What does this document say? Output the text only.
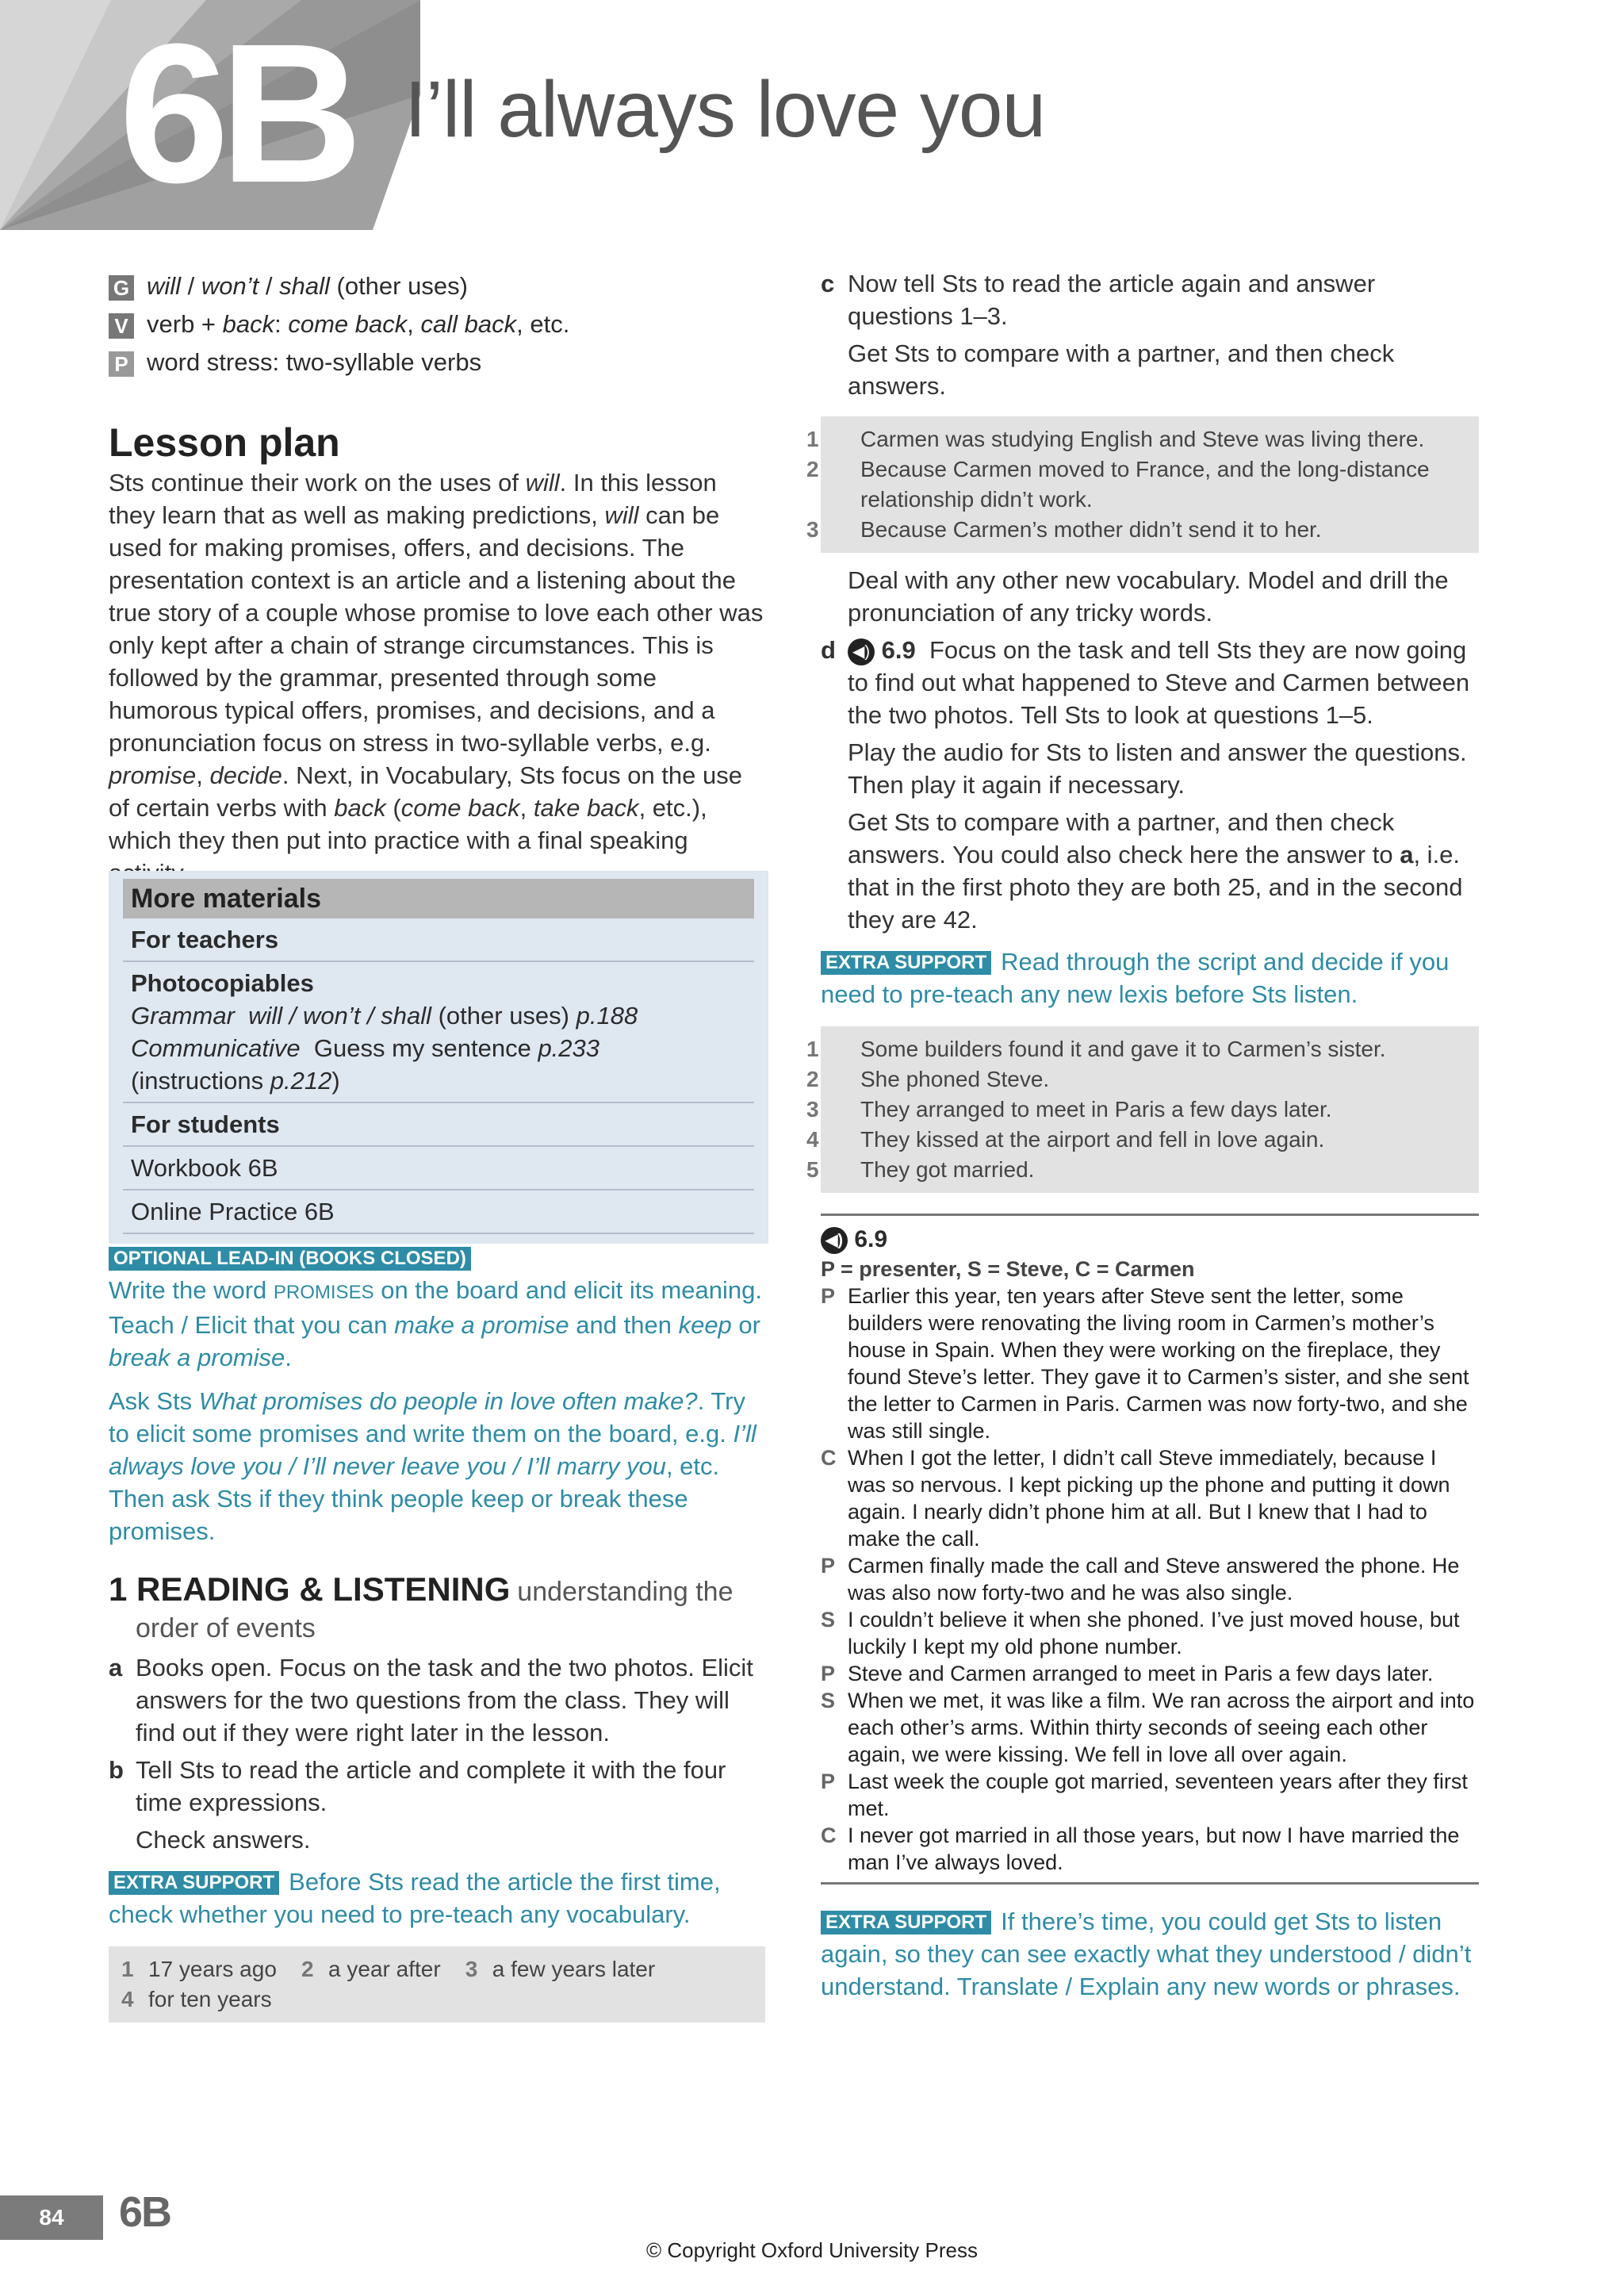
6B I’ll always love you
G will / won’t / shall (other uses)
V verb + back: come back, call back, etc.
P word stress: two-syllable verbs
Lesson plan
Sts continue their work on the uses of will. In this lesson they learn that as well as making predictions, will can be used for making promises, offers, and decisions. The presentation context is an article and a listening about the true story of a couple whose promise to love each other was only kept after a chain of strange circumstances. This is followed by the grammar, presented through some humorous typical offers, promises, and decisions, and a pronunciation focus on stress in two-syllable verbs, e.g. promise, decide. Next, in Vocabulary, Sts focus on the use of certain verbs with back (come back, take back, etc.), which they then put into practice with a final speaking
More materials
For teachers
Photocopiables
Grammar will / won’t / shall (other uses) p.188
Communicative Guess my sentence p.233
(instructions p.212)
For students
Workbook 6B
Online Practice 6B
OPTIONAL LEAD-IN (BOOKS CLOSED)
Write the word PROMISES on the board and elicit its meaning. Teach / Elicit that you can make a promise and then keep or break a promise.
Ask Sts What promises do people in love often make?. Try to elicit some promises and write them on the board, e.g. I’ll always love you / I’ll never leave you / I’ll marry you, etc. Then ask Sts if they think people keep or break these promises.
1 READING & LISTENING understanding the
order of events
a Books open. Focus on the task and the two photos. Elicit answers for the two questions from the class. They will find out if they were right later in the lesson.
b Tell Sts to read the article and complete it with the four time expressions.
Check answers.
EXTRA SUPPORT Before Sts read the article the first time, check whether you need to pre-teach any vocabulary.
1 17 years ago 2 a year after 3 a few years later
4 for ten years
c Now tell Sts to read the article again and answer questions 1–3.
Get Sts to compare with a partner, and then check answers.
1 Carmen was studying English and Steve was living there.
2 Because Carmen moved to France, and the long-distance relationship didn’t work.
3 Because Carmen’s mother didn’t send it to her.
Deal with any other new vocabulary. Model and drill the pronunciation of any tricky words.
d ◀) 6.9 Focus on the task and tell Sts they are now going to find out what happened to Steve and Carmen between the two photos. Tell Sts to look at questions 1–5.
Play the audio for Sts to listen and answer the questions. Then play it again if necessary.
Get Sts to compare with a partner, and then check answers. You could also check here the answer to a, i.e. that in the first photo they are both 25, and in the second they are 42.
EXTRA SUPPORT Read through the script and decide if you need to pre-teach any new lexis before Sts listen.
1 Some builders found it and gave it to Carmen’s sister.
2 She phoned Steve.
3 They arranged to meet in Paris a few days later.
4 They kissed at the airport and fell in love again.
5 They got married.
◀) 6.9
P = presenter, S = Steve, C = Carmen
P Earlier this year, ten years after Steve sent the letter, some builders were renovating the living room in Carmen’s mother’s house in Spain. When they were working on the fireplace, they found Steve’s letter. They gave it to Carmen’s sister, and she sent the letter to Carmen in Paris. Carmen was now forty-two, and she was still single.
C When I got the letter, I didn’t call Steve immediately, because I was so nervous. I kept picking up the phone and putting it down again. I nearly didn’t phone him at all. But I knew that I had to make the call.
P Carmen finally made the call and Steve answered the phone. He was also now forty-two and he was also single.
S I couldn’t believe it when she phoned. I’ve just moved house, but luckily I kept my old phone number.
P Steve and Carmen arranged to meet in Paris a few days later.
S When we met, it was like a film. We ran across the airport and into each other’s arms. Within thirty seconds of seeing each other again, we were kissing. We fell in love all over again.
P Last week the couple got married, seventeen years after they first met.
C I never got married in all those years, but now I have married the man I’ve always loved.
EXTRA SUPPORT If there’s time, you could get Sts to listen again, so they can see exactly what they understood / didn’t understand. Translate / Explain any new words or phrases.
84	6B
© Copyright Oxford University Press
